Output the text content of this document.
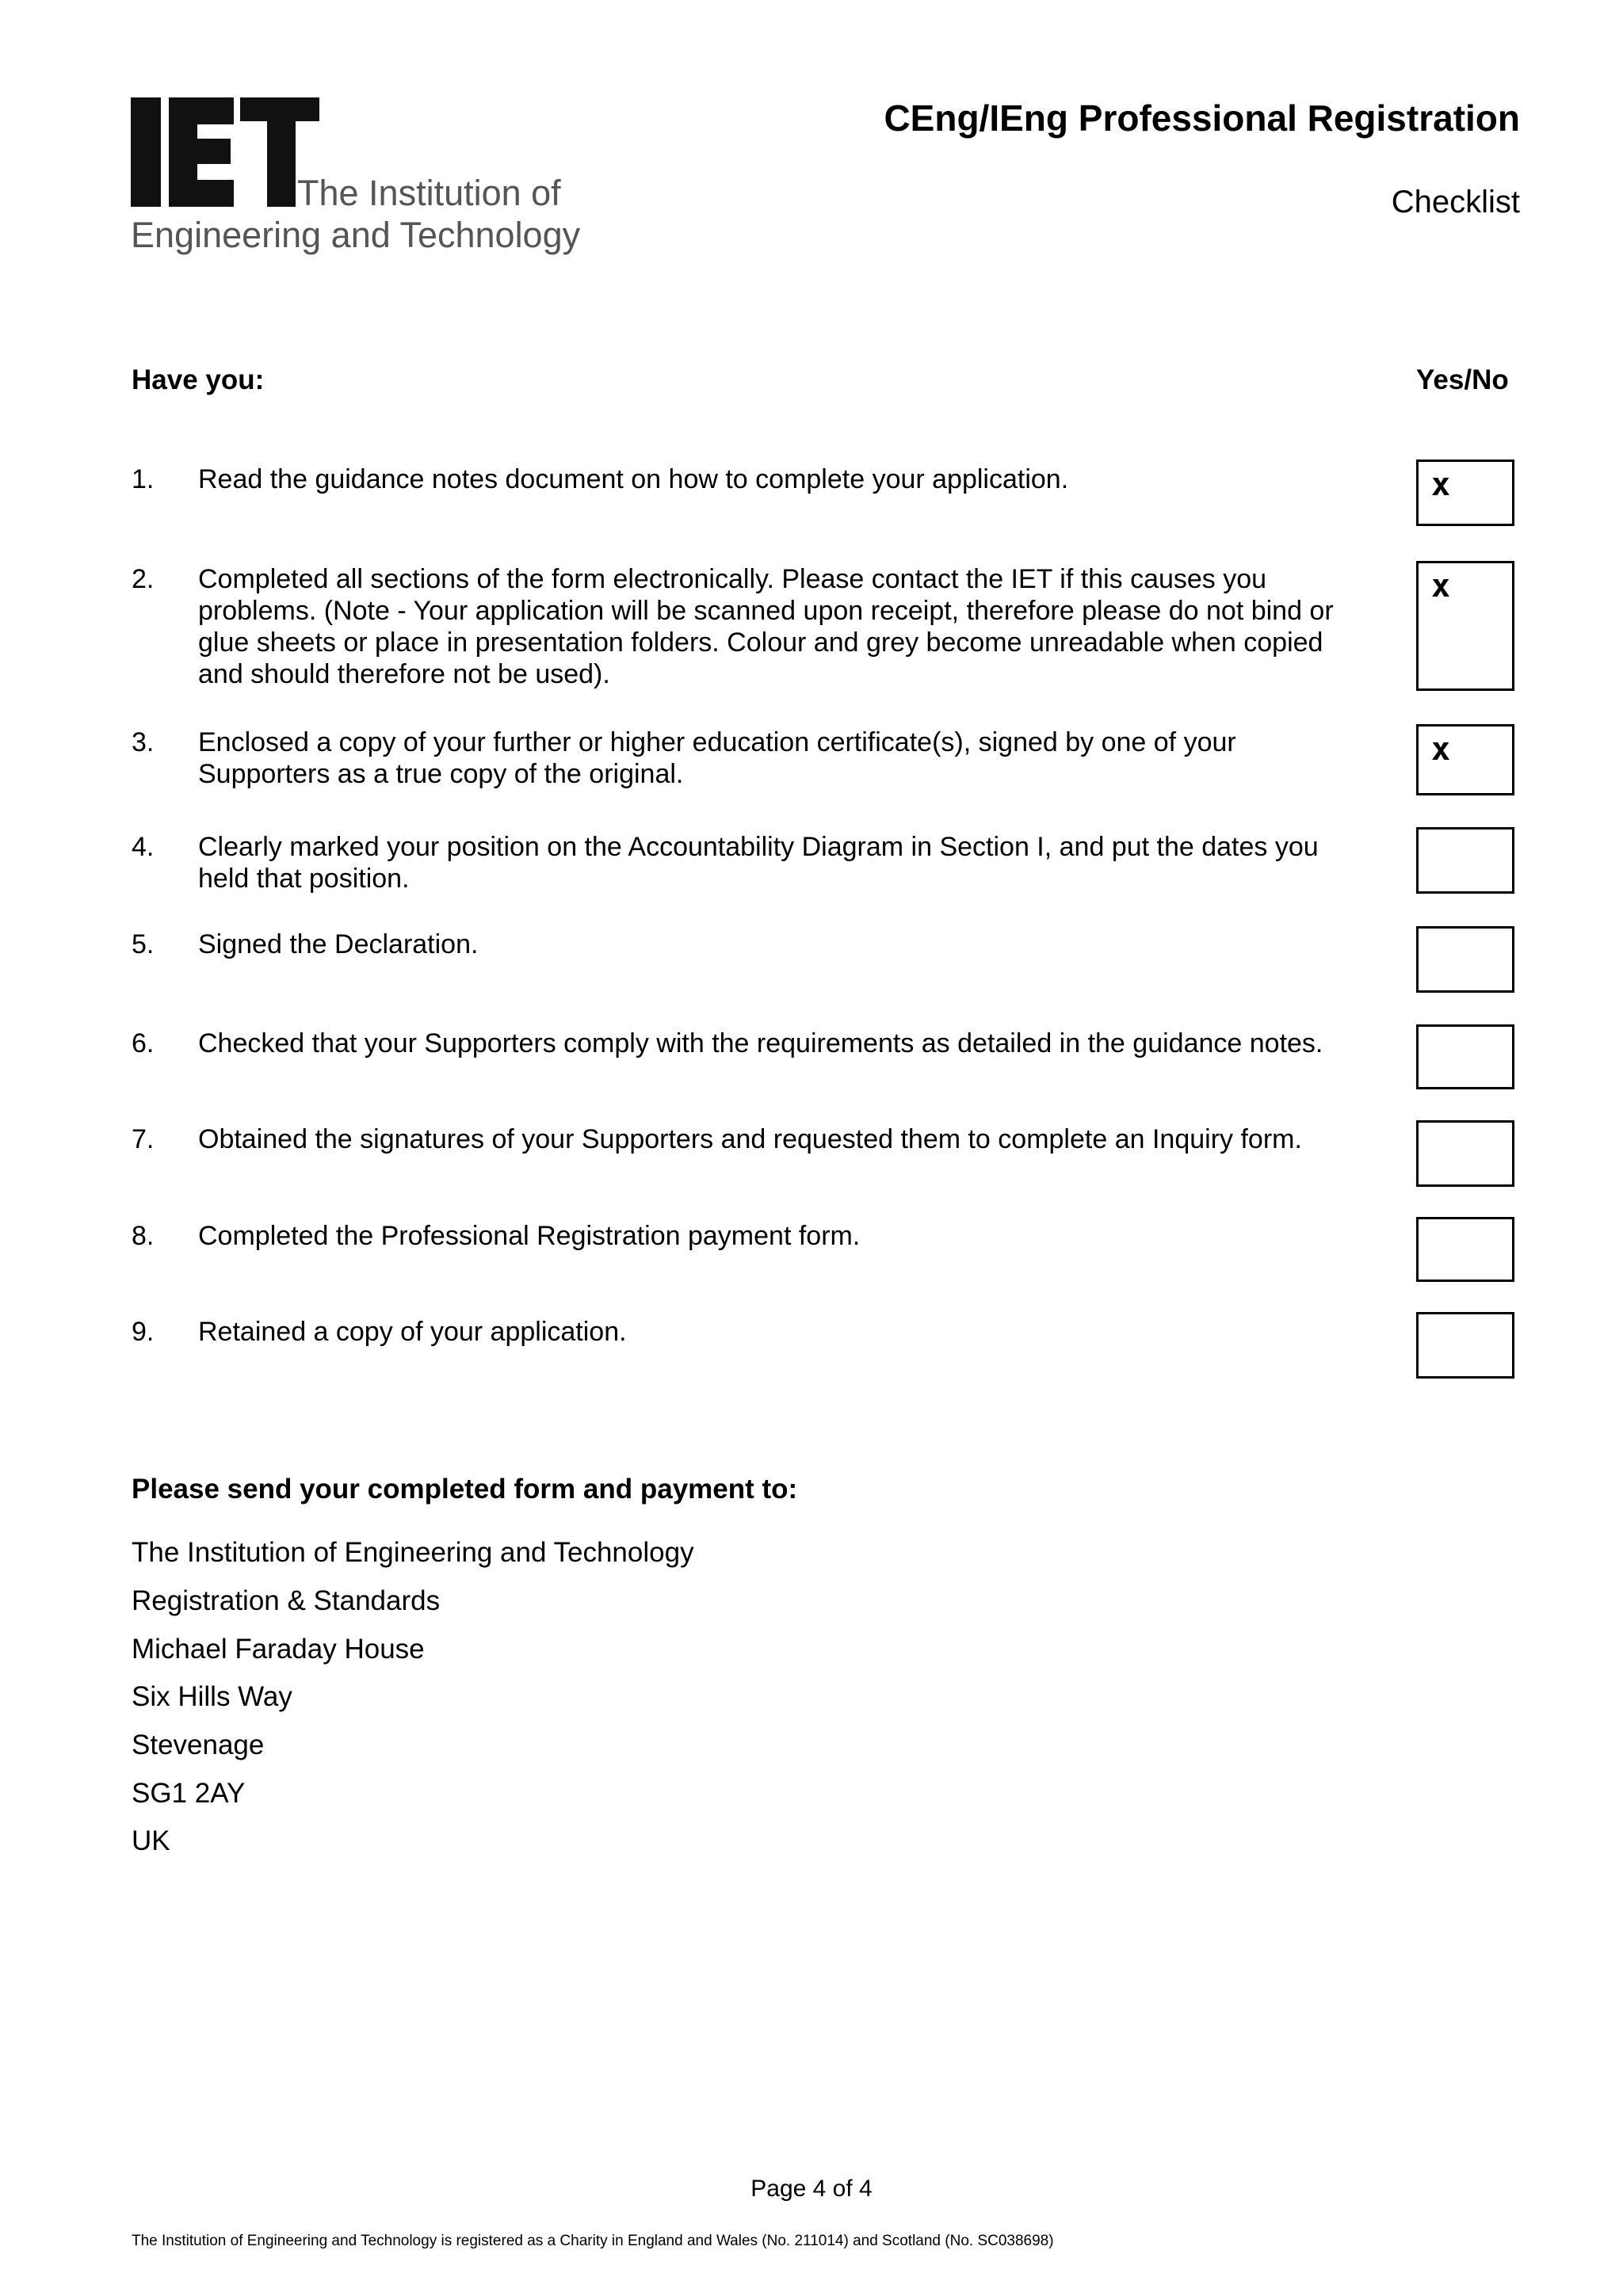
The Institution of
Engineering and Technology
CEng/IEng Professional Registration
Checklist
Have you:	Yes/No
1. Read the guidance notes document on how to complete your application.	x
2. Completed all sections of the form electronically. Please contact the IET if this causes you problems. (Note - Your application will be scanned upon receipt, therefore please do not bind or glue sheets or place in presentation folders. Colour and grey become unreadable when copied and should therefore not be used).
x
3. Enclosed a copy of your further or higher education certificate(s), signed by one of your Supporters as a true copy of the original.
x
4. Clearly marked your position on the Accountability Diagram in Section I, and put the dates you held that position.
5. Signed the Declaration.
6. Checked that your Supporters comply with the requirements as detailed in the guidance notes.
7. Obtained the signatures of your Supporters and requested them to complete an Inquiry form.
8. Completed the Professional Registration payment form.
9. Retained a copy of your application.
Please send your completed form and payment to:
The Institution of Engineering and Technology
Registration & Standards
Michael Faraday House
Six Hills Way
Stevenage
SG1 2AY
UK
Page 4 of 4
The Institution of Engineering and Technology is registered as a Charity in England and Wales (No. 211014) and Scotland (No. SC038698)
